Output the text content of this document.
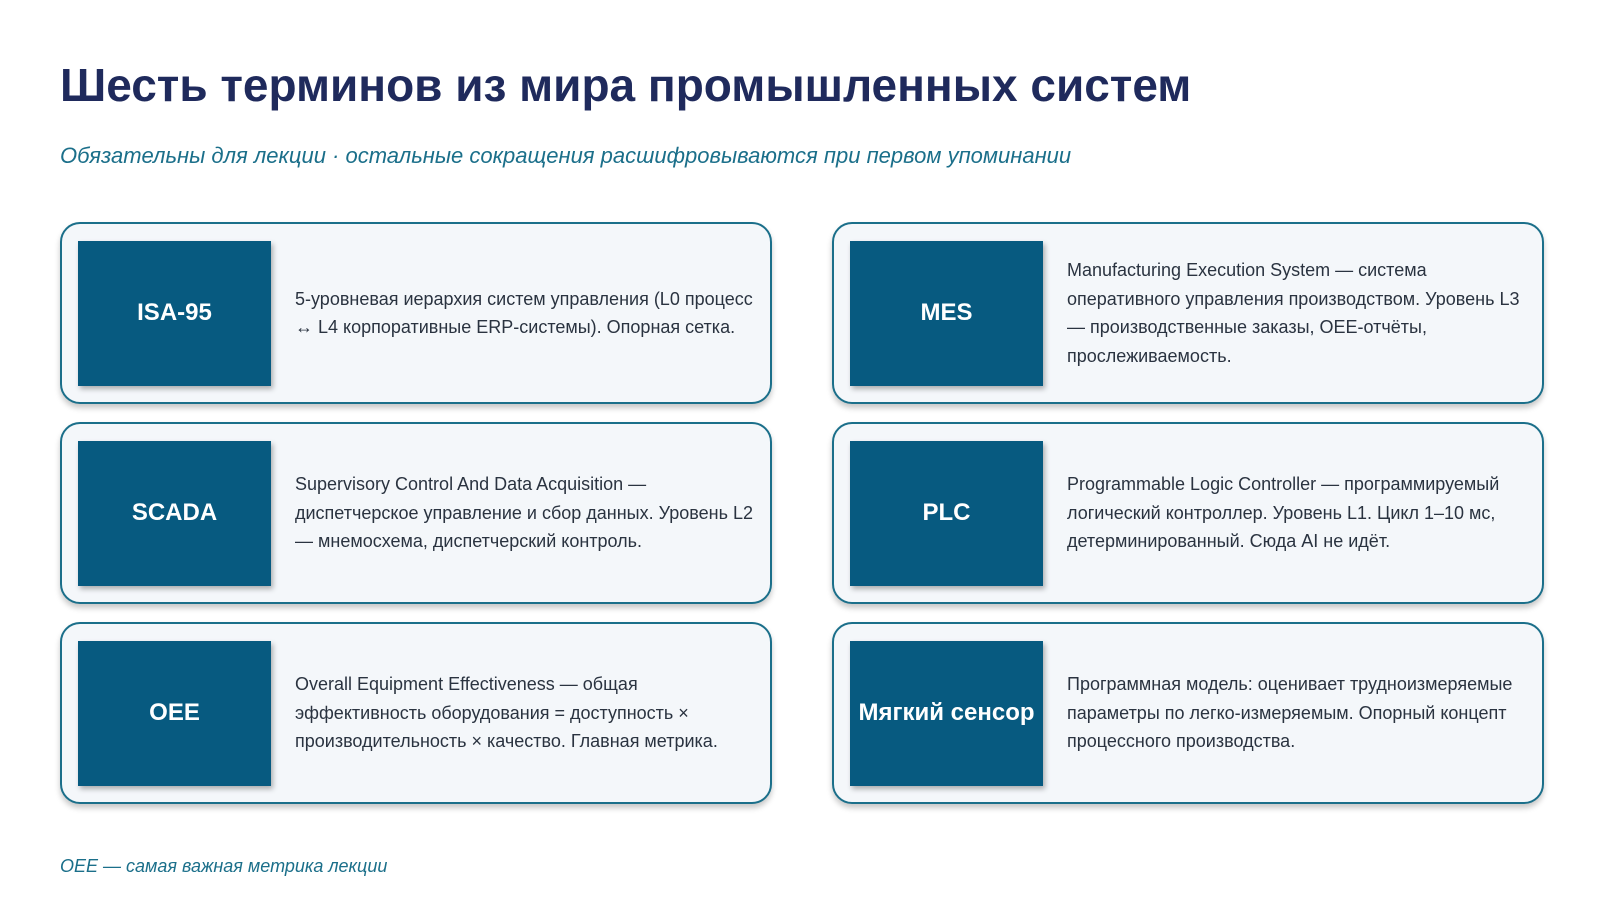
Шесть терминов из мира промышленных систем

Обязательны для лекции · остальные сокращения расшифровываются при первом упоминании

ISA-95
5-уровневая иерархия систем управления (L0 процесс ↔ L4 корпоративные ERP-системы). Опорная сетка.
MES
Manufacturing Execution System — система оперативного управления производством. Уровень L3 — производственные заказы, OEE-отчёты, прослеживаемость.
SCADA
Supervisory Control And Data Acquisition — диспетчерское управление и сбор данных. Уровень L2 — мнемосхема, диспетчерский контроль.
PLC
Programmable Logic Controller — программируемый логический контроллер. Уровень L1. Цикл 1–10 мс, детерминированный. Сюда AI не идёт.
OEE
Overall Equipment Effectiveness — общая эффективность оборудования = доступность × производительность × качество. Главная метрика.
Мягкий сенсор
Программная модель: оценивает трудноизмеряемые параметры по легко-измеряемым. Опорный концепт процессного производства.

OEE — самая важная метрика лекции
